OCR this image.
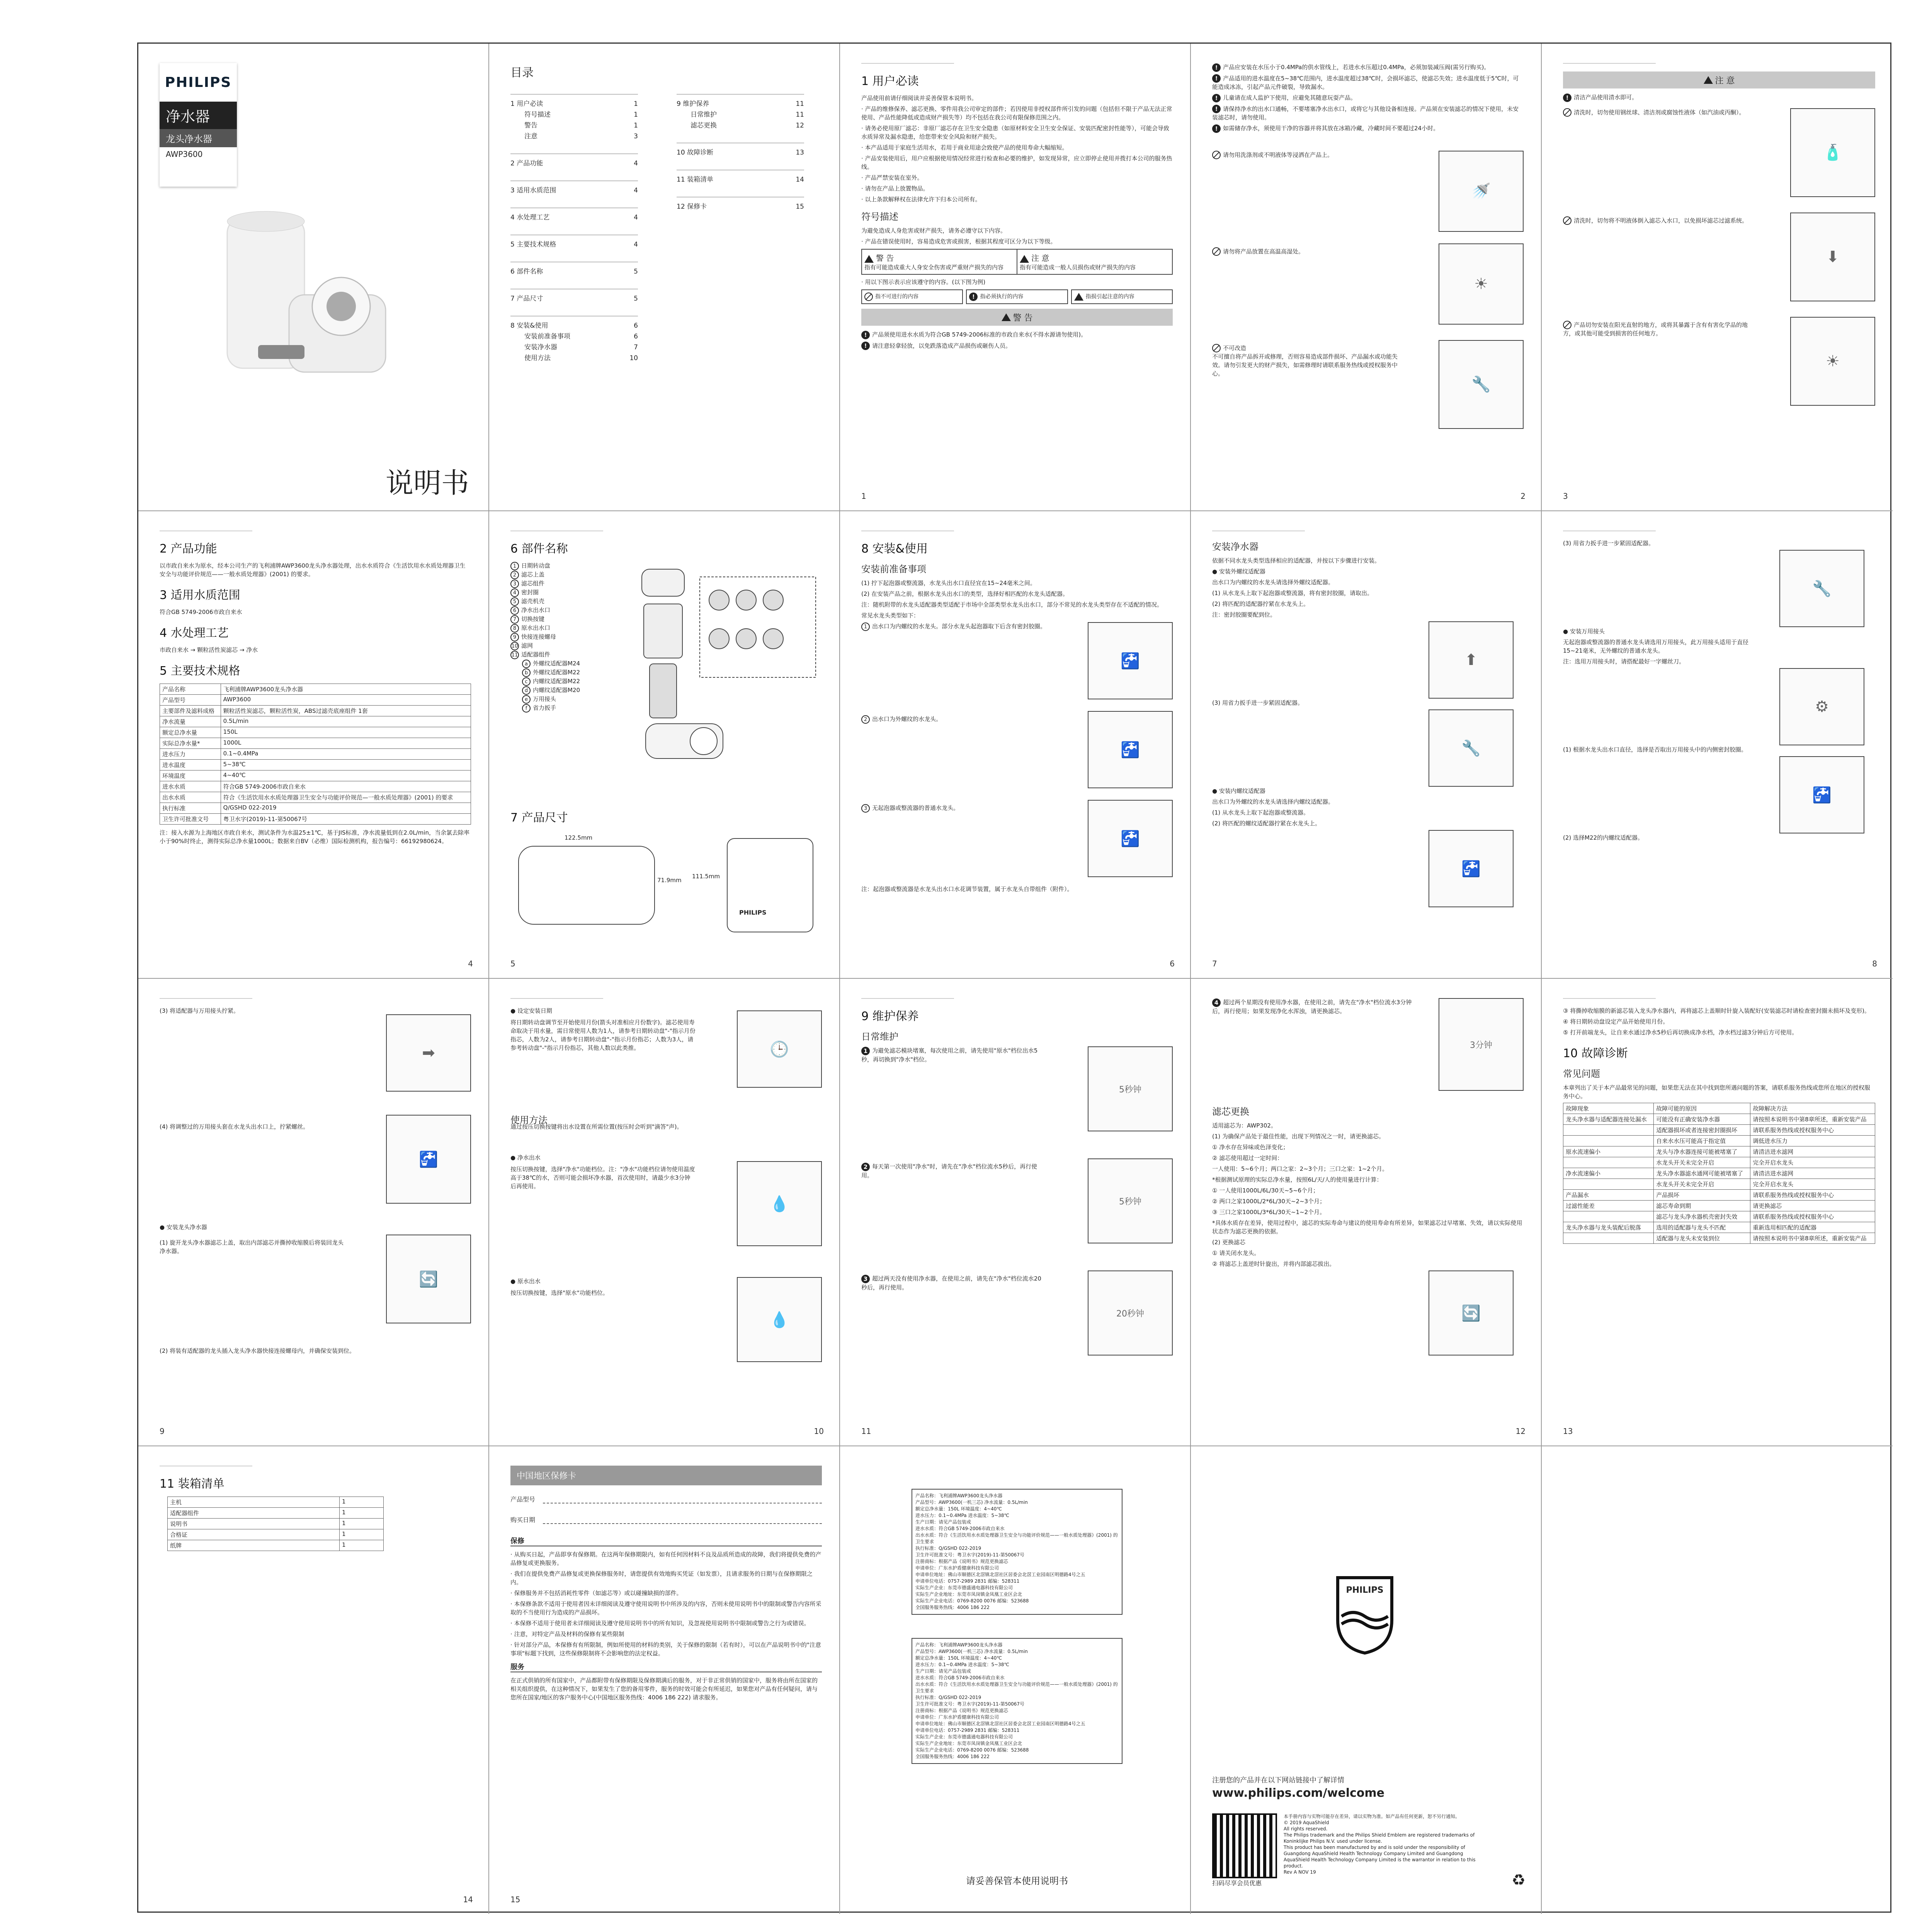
PHILIPS
净水器
龙头净水器
AWP3600
说明书
目录
1 用户必读	1
符号描述	1
警告	1
注意	3
2 产品功能	4
3 适用水质范围	4
4 水处理工艺	4
5 主要技术规格	4
6 部件名称	5
7 产品尺寸	5
8 安装&使用	6
安装前准备事项	6
安装净水器	7
使用方法	10
9 维护保养	11
日常维护	11
滤芯更换	12
10 故障诊断	13
11 装箱清单	14
12 保修卡	15
1 用户必读

产品使用前请仔细阅读并妥善保管本说明书。

· 产品的维修保养、滤芯更换、零件用我公司审定的部件；若因使用非授权部件所引发的问题（包括但不限于产品无法正常使用、产品性能降低或造成财产损失等）均不包括在我公司有限保修范围之内。

· 请务必使用原厂滤芯：非原厂滤芯存在卫生安全隐患（如原材料安全卫生安全保证、安装匹配密封性能等），可能会导致水质异常及漏水隐患，给您带来安全风险和财产损失。

· 本产品适用于家庭生活用水，若用于商业用途会致使产品的使用寿命大幅缩短。

· 产品安装使用后，用户应根据使用情况经常进行检查和必要的维护，如发现异常，应立即停止使用并拨打本公司的服务热线。

· 产品严禁安装在室外。

· 请勿在产品上放置物品。

· 以上条款解释权在法律允许下归本公司所有。

符号描述

为避免造成人身危害或财产损失，请务必遵守以下内容。

· 产品在错误使用时，容易造成危害或损害，根据其程度可区分为以下等级。

警 告
指有可能造成重大人身安全伤害或严重财产损失的内容
注 意
指有可能造成一般人员损伤或财产损失的内容

· 用以下图示表示应该遵守的内容。(以下图为例)

指不可进行的内容	! 指必须执行的内容	指损引起注意的内容
警 告

! 产品须使用进水水质为符合GB 5749-2006标准的市政自来水(不得水源请勿使用)。

! 请注意轻拿轻放，以免跌落造成产品损伤或砸伤人员。

1

! 产品应安装在水压小于0.4MPa的供水管线上，若进水水压超过0.4MPa，必须加装减压阀(需另行购买)。

! 产品适用的进水温度在5~38℃范围内，进水温度超过38℃时，会损坏滤芯，使滤芯失效；进水温度低于5℃时，可能造成冰冻，引起产品元件破裂，导致漏水。

! 儿童请在成人监护下使用，应避免其随意玩耍产品。

! 请保持净水的出水口通畅，不要堵塞净水出水口，或将它与其他设备相连接。产品须在安装滤芯的情况下使用，未安装滤芯时，请勿使用。

! 如需储存净水，须使用干净的容器并将其放在冰箱冷藏，冷藏时间不要超过24小时。

请勿用洗涤剂或不明液体等浸洒在产品上。

🚿

请勿将产品放置在高温高湿处。

☀

不可改造
不可擅自将产品拆开或修理，否则容易造成部件损坏、产品漏水或功能失效。请勿引发更大的财产损失，如需修理时请联系服务热线或授权服务中心。

🔧
2
注 意

! 清洁产品使用清水即可。

清洗时，切勿使用钢丝球、清洁剂或腐蚀性液体（如汽油或丙酮）。

🧴

清洗时，切勿将不明液体倒入滤芯入水口，以免损坏滤芯过滤系统。

⬇

产品切勿安装在阳光直射的地方，或将其暴露于含有有害化学品的地方，或其他可能受到损害的任何地方。

☀
3
2 产品功能

以市政自来水为原水，经本公司生产的飞利浦牌AWP3600龙头净水器处理，出水水质符合《生活饮用水水质处理器卫生安全与功能评价规范——一般水质处理器》(2001) 的要求。

3 适用水质范围

符合GB 5749-2006市政自来水

4 水处理工艺

市政自来水 → 颗粒活性炭滤芯 → 净水

5 主要技术规格
产品名称	飞利浦牌AWP3600龙头净水器
产品型号	AWP3600
主要部件及滤料成格	颗粒活性炭滤芯，颗粒活性炭，ABS过滤壳底座组件 1套
净水流量	0.5L/min
额定总净水量	150L
实际总净水量*	1000L
进水压力	0.1~0.4MPa
进水温度	5~38℃
环境温度	4~40℃
进水水质	符合GB 5749-2006市政自来水
出水水质	符合《生活饮用水水质处理器卫生安全与功能评价规范—一般水质处理器》(2001) 的要求
执行标准	Q/GSHD 022-2019
卫生许可批准文号	粤卫水字(2019)-11-第50067号

注：接入水源为上海地区市政自来水，测试条件为水温25±1℃，基于JIS标准，净水流量低到在2.0L/min，当余氯去除率小于90%时终止，测得实际总净水量1000L；数据来自BV（必维）国际检测机构，报告编号：66192980624。

4
6 部件名称
1 日期转动盘
2 滤芯上盖
3 滤芯组件
4 密封圈
5 滤壳机壳
6 净水出水口
7 切换按键
8 原水出水口
9 快接连接螺母
10 滤网
11 适配器组件
a 外螺纹适配器M24
b 外螺纹适配器M22
c 内螺纹适配器M22
d 内螺纹适配器M20
e 万用接头
f 省力扳手
7 产品尺寸
122.5mm
71.9mm
111.5mm
PHILIPS
5
8 安装&使用
安装前准备事项

(1) 拧下起泡器或整流器，水龙头出水口直径宜在15~24毫米之间。

(2) 在安装产品之前，根据水龙头出水口的类型，选择好相匹配的水龙头适配器。

注：随机附带的水龙头适配器类型适配于市场中全部类型水龙头出水口，部分不常见的水龙头类型存在不适配的情况。

常见水龙头类型如下：

1 出水口为内螺纹的水龙头。部分水龙头起泡器取下后含有密封胶圈。

🚰

2 出水口为外螺纹的水龙头。

🚰

3 无起泡器或整流器的普通水龙头。

🚰

注：起泡器或整流器是水龙头出水口水花调节装置，属于水龙头自带组件（附件）。

6
安装净水器

依据不同水龙头类型选择相应的适配器，并按以下步骤进行安装。

● 安装外螺纹适配器

出水口为内螺纹的水龙头请选择外螺纹适配器。

(1) 从水龙头上取下起泡器或整流器，将有密封胶圈，请取出。

(2) 将匹配的适配器拧紧在水龙头上。

注：密封胶圈要配到位。

⬆

(3) 用省力扳手进一步紧固适配器。

🔧

● 安装内螺纹适配器

出水口为外螺纹的水龙头请选择内螺纹适配器。

(1) 从水龙头上取下起泡器或整流器。

(2) 将匹配的螺纹适配器拧紧在水龙头上。

🚰
7

(3) 用省力扳手进一步紧固适配器。

🔧

● 安装万用接头

无起泡器或整流器的普通水龙头请选用万用接头，此万用接头适用于直径15~21毫米，无外螺纹的普通水龙头。

注：选用万用接头时，请搭配最好一字螺丝刀。

⚙

(1) 根据水龙头出水口直径，选择是否取出万用接头中的内侧密封胶圈。

🚰

(2) 选择M22的内螺纹适配器。

8

(3) 将适配器与万用接头拧紧。

➡

(4) 将调整过的万用接头套在水龙头出水口上，拧紧螺丝。

🚰

● 安装龙头净水器

(1) 旋开龙头净水器滤芯上盖，取出内部滤芯并撕掉收缩膜后将装回龙头净水器。

🔄

(2) 将装有适配器的龙头插入龙头净水器快接连接螺母内，并确保安装到位。

9

● 设定安装日期

将日期转动盘调节至开始使用月份(箭头对准相应月份数字)。滤芯使用寿命取决于用水量，需日常使用人数为1人，请参考日期转动盘"-"指示月份指芯，人数为2人，请参考日期转动盘"-"指示月份指芯；人数为3人，请参考转动盘"-"指示月份指芯，其他人数以此类推。	🕒
使用方法

通过按压切换按键将出水设置在所需位置(按压时会听到"滴答"声)。

● 净水出水

按压切换按键，选择"净水"功能档位。注："净水"功能档位请勿使用温度高于38℃的水，否则可能会损坏净水器，首次使用时，请最少水3分钟后再使用。

💧

● 原水出水

按压切换按键，选择"原水"功能档位。

💧
10
9 维护保养
日常维护

1 为避免滤芯模块堵塞，每次使用之前，请先使用"原水"档位出水5秒，再切换到"净水"档位。

5秒钟

2 每天第一次使用"净水"时，请先在"净水"档位流水5秒后，再行使用。

5秒钟

3 超过两天没有使用净水器，在使用之前，请先在"净水"档位流水20秒后，再行使用。

20秒钟
11

4 超过两个星期没有使用净水器，在使用之前，请先在"净水"档位流水3分钟后，再行使用；如果发现净化水浑浊，请更换滤芯。

3分钟
滤芯更换

适用滤芯为：AWP302。

(1) 为确保产品处于最佳性能，出现下列情况之一时，请更换滤芯。

① 净水存在异味或色泽变化；

② 滤芯使用超过一定时间：

一人使用：5~6个月；两口之家：2~3个月；三口之家：1~2个月。

*根据测试原理的实际总净水量，按照6L/天/人的使用量进行计算：

① 一人使用1000L/6L/30天~5~6个月；

② 两口之家1000L/2*6L/30天~2~3个月；

③ 三口之家1000L/3*6L/30天~1~2个月。

*具体水质存在差异，使用过程中，滤芯的实际寿命与建议的使用寿命有所差异，如果滤芯过早堵塞、失效，请以实际使用状态作为滤芯更换的依据。

(2) 更换滤芯

① 请关闭水龙头。

② 将滤芯上盖逆时针旋出，并将内部滤芯拔出。

🔄
12

③ 将撕掉收缩膜的新滤芯装入龙头净水器内，再将滤芯上盖顺时针旋入装配好(安装滤芯时请检查密封圈未损坏及变形)。

④ 将日期转动盘设定产品开始使用月份。

⑤ 打开前端龙头，让自来水通过净水5秒后再切换成净水档，净水档过滤3分钟后方可使用。

10 故障诊断
常见问题

本章列出了关于本产品最常见的问题，如果您无法在其中找到您所遇问题的答案，请联系服务热线或您所在地区的授权服务中心。

故障现象	故障可能的原因	故障解决方法
龙头净水器与适配器连接处漏水	可能没有正确安装净水器	请按照本说明书中第8章所述，重新安装产品
	适配器损坏或者连接密封圈损坏	请联系服务热线或授权服务中心
	自来水水压可能高于指定值	调低进水压力
原水流速偏小	龙头与净水器连接可能被堵塞了	请清洁进水滤网
	水龙头开关未完全开启	完全开启水龙头
净水流速偏小	龙头净水器滤水通网可能被堵塞了	请清洁进水滤网
	水龙头开关未完全开启	完全开启水龙头
产品漏水	产品损坏	请联系服务热线或授权服务中心
过滤性能差	滤芯寿命到期	请更换滤芯
	滤芯与龙头净水器机壳密封失效	请联系服务热线或授权服务中心
龙头净水器与龙头装配后脱落	选用的适配器与龙头不匹配	重新选用相匹配的适配器
	适配器与龙头未安装到位	请按照本说明书中第8章所述，重新安装产品
13
11 装箱清单
主机	1
适配器组件	1
说明书	1
合格证	1
纸牌	1
14
中国地区保修卡
产品型号
购买日期
保修

· 从购买日起，产品即享有保修期。在这两年保修期限内，如有任何因材料不良及品质所造成的故障，我们将提供免费的产品修复或更换服务。

· 我们在提供免费产品修复或更换保修服务时，请您提供有效地购买凭证（如发票），且请求服务的日期与在保修期限之内。

· 保修服务并不包括消耗性零件（如滤芯等）或以碰撞缺损的部件。

· 本保修条款不适用于使用者因未详细阅读及遵守使用说明书中所涉及的内容，否则未使用说明书中的限制或警告内容所采取的不当使用行为造成的产品损坏。

· 本保修不适用于使用者未详细阅读及遵守使用说明书中的所有知识，及忽视使用说明书中限制或警告之行为或错误。

· 注意，对特定产品及材料的保修有某些限制

· 针对部分产品，本保修有有所限制，例如所使用的材料的类别，关于保修的限制（若有时），可以在产品说明书中的"注意事项"标题下找到，这些保修限制将不会影响您的法定权益。

服务

在正式供销的所有国家中，产品都附带有保修期限及保修期满后的服务，对于非正常供销的国家中，服务将由所在国家的相关组织提供，在这种情况下，如果发生了您的备用零件，服务的时效可能会有所延迟，如果您对产品有任何疑问，请与您所在国家/地区的客户服务中心(中国地区服务热线：4006 186 222) 请求服务。

15
产品名称：飞利浦牌AWP3600龙头净水器
产品型号：AWP3600(一机三芯) 净水流量：0.5L/min
额定总净水量：150L 环境温度：4~40℃
进水压力：0.1~0.4MPa 进水温度：5~38℃
生产日期：请见产品包装或
进水水质：符合GB 5749-2006市政自来水
出水水质：符合《生活饮用水水质处理器卫生安全与功能评价规范——一般水质处理器》(2001) 的卫生要求
执行标准：Q/GSHD 022-2019
卫生许可批准文号：粤卫水字(2019)-11-第50067号
注册商标：根据产品《说明书》规范更换滤芯
申请单位：广东水护盾健康科技有限公司
申请单位地址：佛山市顺德区北滘镇北滘社区居委会北滘工业园南区明德路4号之五
申请单位电话：0757-2989 2831 邮编：528311
实际生产企业：东莞市德盛通电器科技有限公司
实际生产企业地址：东莞市凤岗镇金凤凰工业区会北
实际生产企业电话：0769-8200 0076 邮编：523688
全国服务服务热线：4006 186 222
产品名称：飞利浦牌AWP3600龙头净水器
产品型号：AWP3600(一机三芯) 净水流量：0.5L/min
额定总净水量：150L 环境温度：4~40℃
进水压力：0.1~0.4MPa 进水温度：5~38℃
生产日期：请见产品包装或
进水水质：符合GB 5749-2006市政自来水
出水水质：符合《生活饮用水水质处理器卫生安全与功能评价规范——一般水质处理器》(2001) 的卫生要求
执行标准：Q/GSHD 022-2019
卫生许可批准文号：粤卫水字(2019)-11-第50067号
注册商标：根据产品《说明书》规范更换滤芯
申请单位：广东水护盾健康科技有限公司
申请单位地址：佛山市顺德区北滘镇北滘社区居委会北滘工业园南区明德路4号之五
申请单位电话：0757-2989 2831 邮编：528311
实际生产企业：东莞市德盛通电器科技有限公司
实际生产企业地址：东莞市凤岗镇金凤凰工业区会北
实际生产企业电话：0769-8200 0076 邮编：523688
全国服务服务热线：4006 186 222
请妥善保管本使用说明书
PHILIPS
注册您的产品并在以下网站链接中了解详情
www.philips.com/welcome
扫码尽享会员优惠
本手册内容与实物可能存在差异，请以实物为准。如产品有任何更新，恕不另行通知。
© 2019 AquaShield
All rights reserved.
The Philips trademark and the Philips Shield Emblem are registered trademarks of Koninklijke Philips N.V. used under license.
This product has been manufactured by and is sold under the responsibility of Guangdong AquaShield Health Technology Company Limited and Guangdong AquaShield Health Technology Company Limited is the warrantor in relation to this product.
Rev A NOV 19	♻
